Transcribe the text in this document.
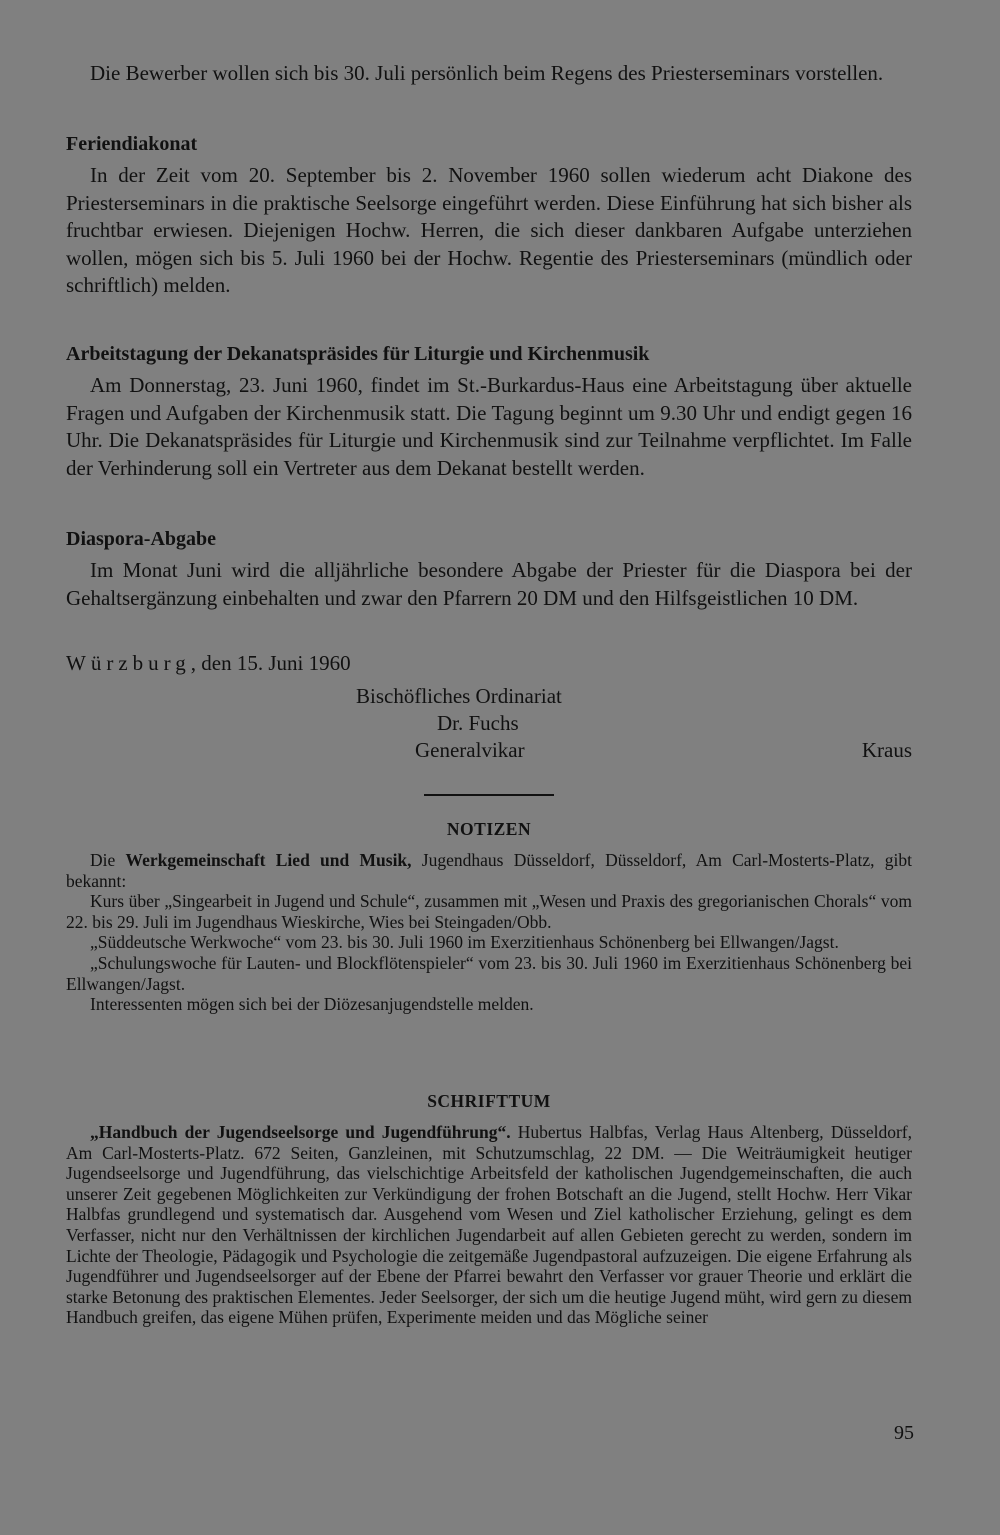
Die Bewerber wollen sich bis 30. Juli persönlich beim Regens des Priesterseminars vorstellen.

Feriendiakonat

In der Zeit vom 20. September bis 2. November 1960 sollen wiederum acht Diakone des Priesterseminars in die praktische Seelsorge eingeführt werden. Diese Einführung hat sich bisher als fruchtbar erwiesen. Diejenigen Hochw. Herren, die sich dieser dankbaren Aufgabe unterziehen wollen, mögen sich bis 5. Juli 1960 bei der Hochw. Regentie des Priesterseminars (mündlich oder schriftlich) melden.

Arbeitstagung der Dekanatspräsides für Liturgie und Kirchenmusik

Am Donnerstag, 23. Juni 1960, findet im St.-Burkardus-Haus eine Arbeitstagung über aktuelle Fragen und Aufgaben der Kirchenmusik statt. Die Tagung beginnt um 9.30 Uhr und endigt gegen 16 Uhr. Die Dekanatspräsides für Liturgie und Kirchenmusik sind zur Teilnahme verpflichtet. Im Falle der Verhinderung soll ein Vertreter aus dem Dekanat bestellt werden.

Diaspora-Abgabe

Im Monat Juni wird die alljährliche besondere Abgabe der Priester für die Diaspora bei der Gehaltsergänzung einbehalten und zwar den Pfarrern 20 DM und den Hilfsgeistlichen 10 DM.

Würzburg, den 15. Juni 1960

Bischöfliches Ordinariat

Dr. Fuchs

Generalvikar	Kraus

NOTIZEN

Die Werkgemeinschaft Lied und Musik, Jugendhaus Düsseldorf, Düsseldorf, Am Carl-Mosterts-Platz, gibt bekannt:

Kurs über „Singearbeit in Jugend und Schule“, zusammen mit „Wesen und Praxis des gregorianischen Chorals“ vom 22. bis 29. Juli im Jugendhaus Wieskirche, Wies bei Steingaden/Obb.

„Süddeutsche Werkwoche“ vom 23. bis 30. Juli 1960 im Exerzitienhaus Schönenberg bei Ellwangen/Jagst.

„Schulungswoche für Lauten- und Blockflötenspieler“ vom 23. bis 30. Juli 1960 im Exerzitienhaus Schönenberg bei Ellwangen/Jagst.

Interessenten mögen sich bei der Diözesanjugendstelle melden.

SCHRIFTTUM

„Handbuch der Jugendseelsorge und Jugendführung“. Hubertus Halbfas, Verlag Haus Altenberg, Düsseldorf, Am Carl-Mosterts-Platz. 672 Seiten, Ganzleinen, mit Schutzumschlag, 22 DM. — Die Weiträumigkeit heutiger Jugendseelsorge und Jugendführung, das vielschichtige Arbeitsfeld der katholischen Jugendgemeinschaften, die auch unserer Zeit gegebenen Möglichkeiten zur Verkündigung der frohen Botschaft an die Jugend, stellt Hochw. Herr Vikar Halbfas grundlegend und systematisch dar. Ausgehend vom Wesen und Ziel katholischer Erziehung, gelingt es dem Verfasser, nicht nur den Verhältnissen der kirchlichen Jugendarbeit auf allen Gebieten gerecht zu werden, sondern im Lichte der Theologie, Pädagogik und Psychologie die zeitgemäße Jugendpastoral aufzuzeigen. Die eigene Erfahrung als Jugendführer und Jugendseelsorger auf der Ebene der Pfarrei bewahrt den Verfasser vor grauer Theorie und erklärt die starke Betonung des praktischen Elementes. Jeder Seelsorger, der sich um die heutige Jugend müht, wird gern zu diesem Handbuch greifen, das eigene Mühen prüfen, Experimente meiden und das Mögliche seiner

95
